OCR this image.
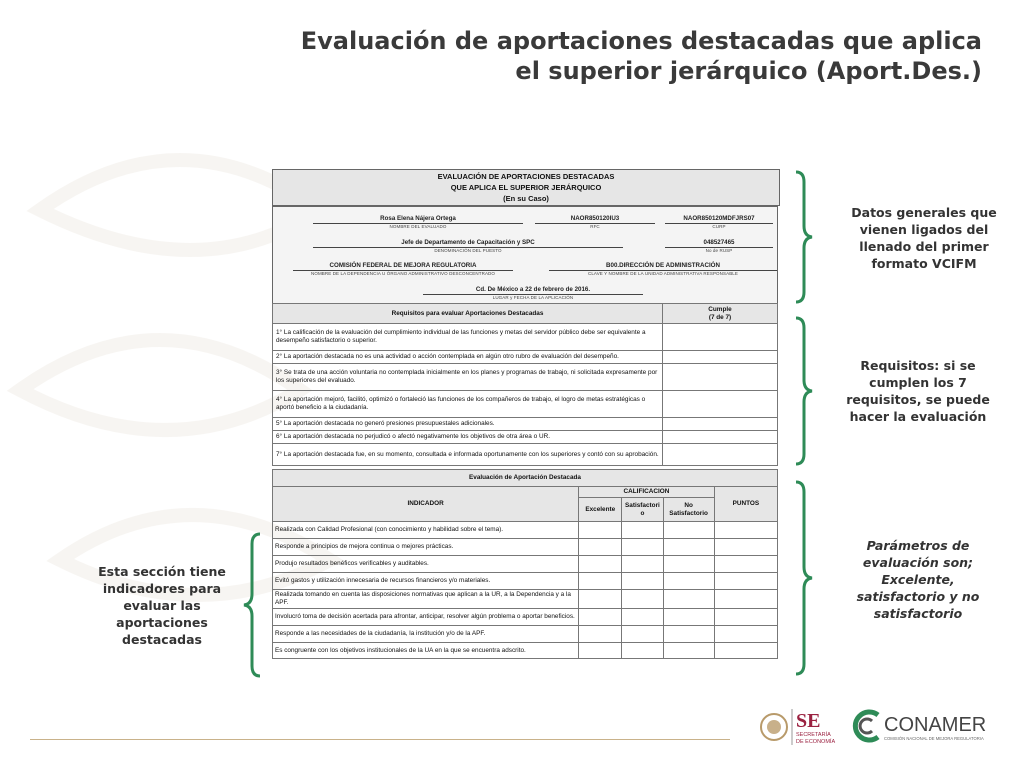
Evaluación de aportaciones destacadas que aplica
el superior jerárquico (Aport.Des.)
EVALUACIÓN DE APORTACIONES DESTACADAS
QUE APLICA EL SUPERIOR JERÁRQUICO
(En su Caso)
Rosa Elena Nájera Ortega
NOMBRE DEL EVALUADO
NAOR850120IU3
RFC
NAOR850120MDFJRS07
CURP
Jefe de Departamento de Capacitación y SPC
DENOMINACIÓN DEL PUESTO
048527465
No de RUSP
COMISIÓN FEDERAL DE MEJORA REGULATORIA
NOMBRE DE LA DEPENDENCIA U ÓRGANO ADMINISTRATIVO DESCONCENTRADO
B00.DIRECCIÓN DE ADMINISTRACIÓN
CLAVE Y NOMBRE DE LA UNIDAD ADMINISTRATIVA RESPONSABLE
Cd. De México a 22 de febrero de 2016.
LUGAR y FECHA DE LA APLICACIÓN
Requisitos para evaluar Aportaciones Destacadas	Cumple
(7 de 7)

1° La calificación de la evaluación del cumplimiento individual de las funciones y metas del servidor público debe ser equivalente a desempeño satisfactorio o superior.	
2° La aportación destacada no es una actividad o acción contemplada en algún otro rubro de evaluación del desempeño.	
3° Se trata de una acción voluntaria no contemplada inicialmente en los planes y programas de trabajo, ni solicitada expresamente por los superiores del evaluado.	
4° La aportación mejoró, facilitó, optimizó o fortaleció las funciones de los compañeros de trabajo, el logro de metas estratégicas o aportó beneficio a la ciudadanía.	
5° La aportación destacada no generó presiones presupuestales adicionales.	
6° La aportación destacada no perjudicó o afectó negativamente los objetivos de otra área o UR.	
7° La aportación destacada fue, en su momento, consultada e informada oportunamente con los superiores y contó con su aprobación.	
Evaluación de Aportación Destacada				
INDICADOR	CALIFICACION			PUNTOS
	Excelente	Satisfactorio	No Satisfactorio	
Realizada con Calidad Profesional (con conocimiento y habilidad sobre el tema).				
Responde a principios de mejora continua o mejores prácticas.				
Produjo resultados benéficos verificables y auditables.				
Evitó gastos y utilización innecesaria de recursos financieros y/o materiales.				
Realizada tomando en cuenta las disposiciones normativas que aplican a la UR, a la Dependencia y a la APF.				
Involucró toma de decisión acertada para afrontar, anticipar, resolver algún problema o aportar beneficios.				
Responde a las necesidades de la ciudadanía, la institución y/o de la APF.				
Es congruente con los objetivos institucionales de la UA en la que se encuentra adscrito.				
Datos generales que vienen ligados del llenado del primer formato VCIFM
Requisitos: si se cumplen los 7 requisitos, se puede hacer la evaluación
Parámetros de evaluación son; Excelente, satisfactorio y no satisfactorio
Esta sección tiene indicadores para evaluar las aportaciones destacadas
SE
SECRETARÍA
DE ECONOMÍA
CONAMER
COMISIÓN NACIONAL DE MEJORA REGULATORIA
